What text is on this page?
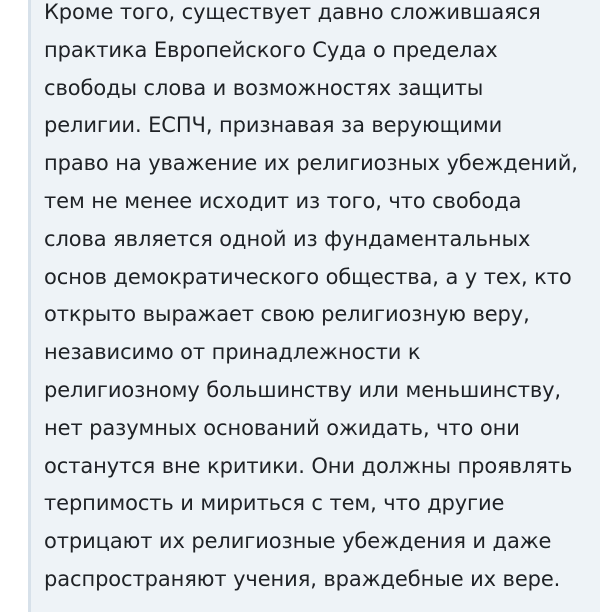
Кроме того, существует давно сложившаяся
практика Европейского Суда о пределах
свободы слова и возможностях защиты
религии. ЕСПЧ, признавая за верующими
право на уважение их религиозных убеждений,
тем не менее исходит из того, что свобода
слова является одной из фундаментальных
основ демократического общества, а у тех, кто
открыто выражает свою религиозную веру,
независимо от принадлежности к
религиозному большинству или меньшинству,
нет разумных оснований ожидать, что они
останутся вне критики. Они должны проявлять
терпимость и мириться с тем, что другие
отрицают их религиозные убеждения и даже
распространяют учения, враждебные их вере.
